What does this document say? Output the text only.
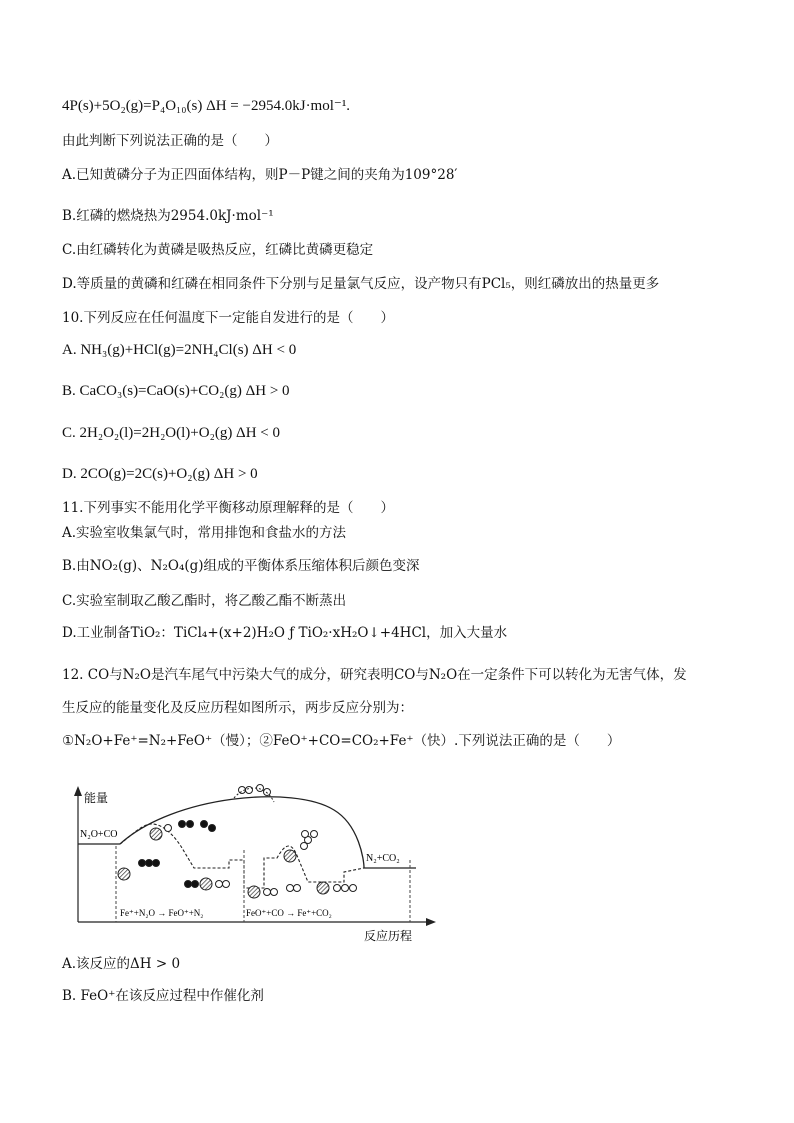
4P(s)+5O₂(g)=P₄O₁₀(s) ΔH = −2954.0kJ·mol⁻¹.
由此判断下列说法正确的是（　　）
A.已知黄磷分子为正四面体结构，则P－P键之间的夹角为109°28′
B.红磷的燃烧热为2954.0kJ·mol⁻¹
C.由红磷转化为黄磷是吸热反应，红磷比黄磷更稳定
D.等质量的黄磷和红磷在相同条件下分别与足量氯气反应，设产物只有PCl₅，则红磷放出的热量更多
10.下列反应在任何温度下一定能自发进行的是（　　）
A. NH₃(g)+HCl(g)=2NH₄Cl(s) ΔH < 0
B. CaCO₃(s)=CaO(s)+CO₂(g) ΔH > 0
C. 2H₂O₂(l)=2H₂O(l)+O₂(g) ΔH < 0
D. 2CO(g)=2C(s)+O₂(g) ΔH > 0
11.下列事实不能用化学平衡移动原理解释的是（　　）
A.实验室收集氯气时，常用排饱和食盐水的方法
B.由NO₂(g)、N₂O₄(g)组成的平衡体系压缩体积后颜色变深
C.实验室制取乙酸乙酯时，将乙酸乙酯不断蒸出
D.工业制备TiO₂：TiCl₄+(x+2)H₂O ƒ TiO₂·xH₂O↓+4HCl，加入大量水
12. CO与N₂O是汽车尾气中污染大气的成分，研究表明CO与N₂O在一定条件下可以转化为无害气体，发
生反应的能量变化及反应历程如图所示，两步反应分别为：
①N₂O+Fe⁺=N₂+FeO⁺（慢）；②FeO⁺+CO=CO₂+Fe⁺（快）.下列说法正确的是（　　）
能量
反应历程
N₂O+CO
N₂+CO₂
Fe⁺+N₂O → FeO⁺+N₂	FeO⁺+CO → Fe⁺+CO₂
A.该反应的ΔH > 0
B. FeO⁺在该反应过程中作催化剂
